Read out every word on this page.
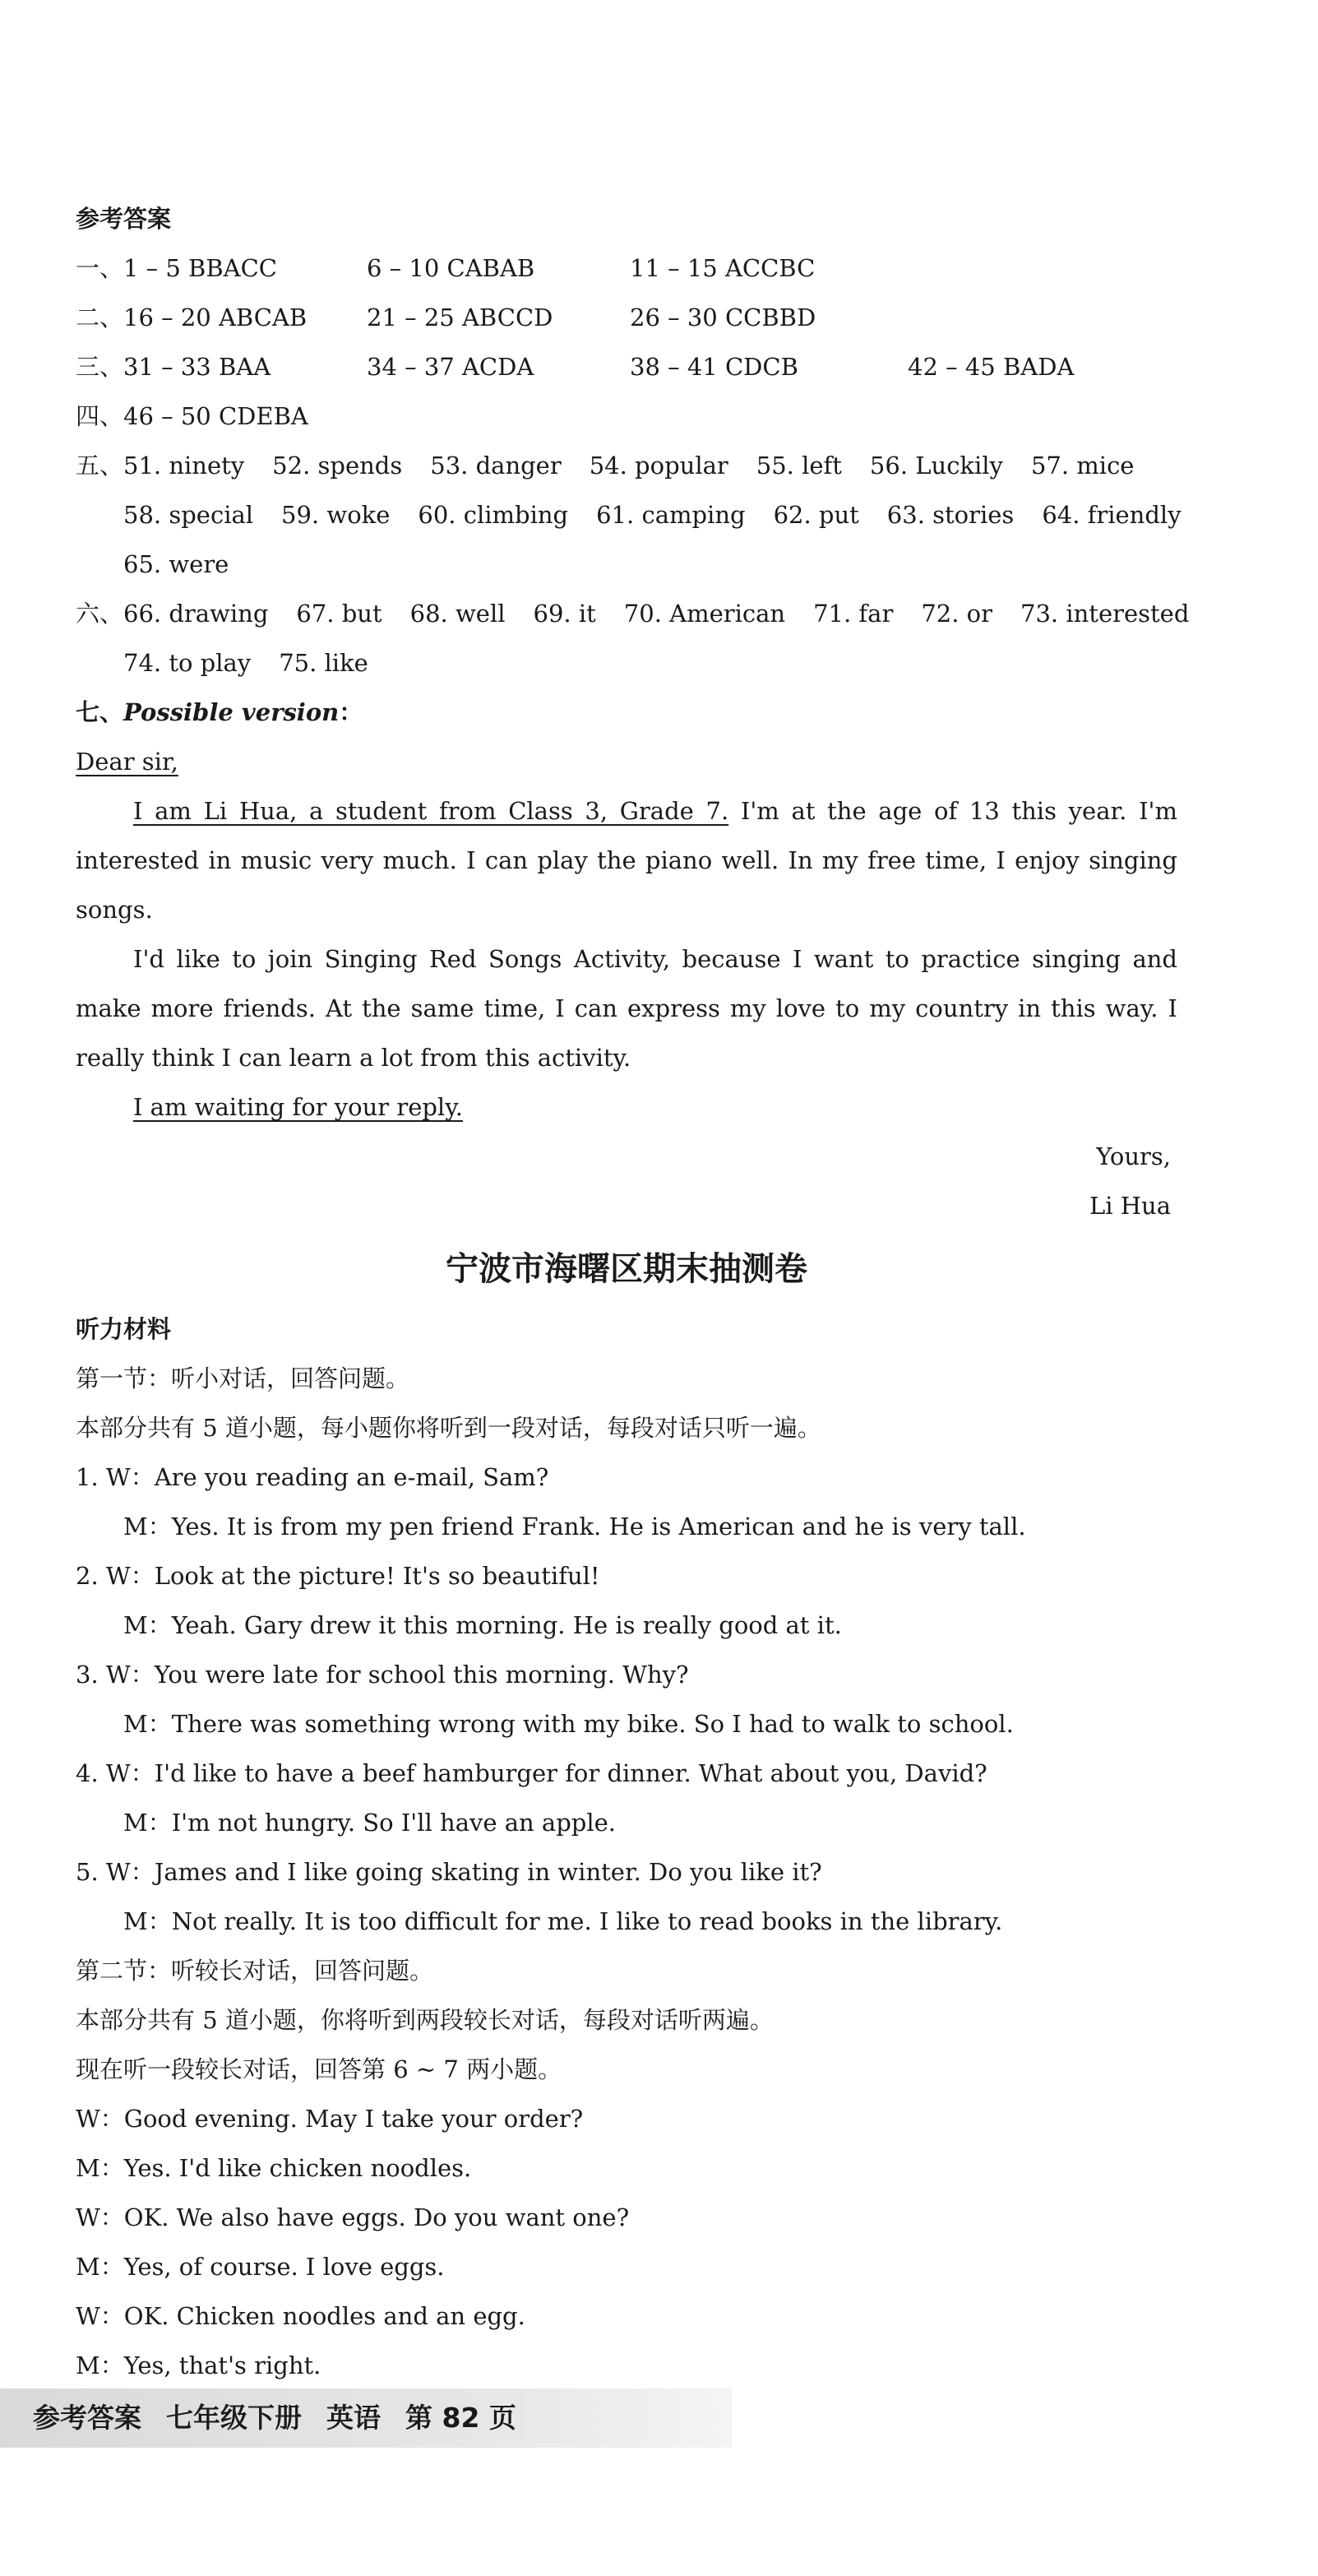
参考答案
一、1 – 5 BBACC	6 – 10 CABAB	11 – 15 ACCBC
二、16 – 20 ABCAB	21 – 25 ABCCD	26 – 30 CCBBD
三、31 – 33 BAA	34 – 37 ACDA	38 – 41 CDCB	42 – 45 BADA
四、46 – 50 CDEBA
五、51. ninety 52. spends 53. danger 54. popular 55. left 56. Luckily 57. mice
58. special 59. woke 60. climbing 61. camping 62. put 63. stories 64. friendly
65. were
六、66. drawing 67. but 68. well 69. it 70. American 71. far 72. or 73. interested
74. to play 75. like
七、Possible version：
Dear sir,
I am Li Hua, a student from Class 3, Grade 7. I'm at the age of 13 this year. I'm interested in music very much. I can play the piano well. In my free time, I enjoy singing songs.
I'd like to join Singing Red Songs Activity, because I want to practice singing and make more friends. At the same time, I can express my love to my country in this way. I really think I can learn a lot from this activity.
I am waiting for your reply.
Yours,
Li Hua
宁波市海曙区期末抽测卷
听力材料
第一节：听小对话，回答问题。
本部分共有 5 道小题，每小题你将听到一段对话，每段对话只听一遍。
1. W：Are you reading an e-mail, Sam?
M：Yes. It is from my pen friend Frank. He is American and he is very tall.
2. W：Look at the picture! It's so beautiful!
M：Yeah. Gary drew it this morning. He is really good at it.
3. W：You were late for school this morning. Why?
M：There was something wrong with my bike. So I had to walk to school.
4. W：I'd like to have a beef hamburger for dinner. What about you, David?
M：I'm not hungry. So I'll have an apple.
5. W：James and I like going skating in winter. Do you like it?
M：Not really. It is too difficult for me. I like to read books in the library.
第二节：听较长对话，回答问题。
本部分共有 5 道小题，你将听到两段较长对话，每段对话听两遍。
现在听一段较长对话，回答第 6 ~ 7 两小题。
W：Good evening. May I take your order?
M：Yes. I'd like chicken noodles.
W：OK. We also have eggs. Do you want one?
M：Yes, of course. I love eggs.
W：OK. Chicken noodles and an egg.
M：Yes, that's right.
参考答案 七年级下册 英语 第 82 页
